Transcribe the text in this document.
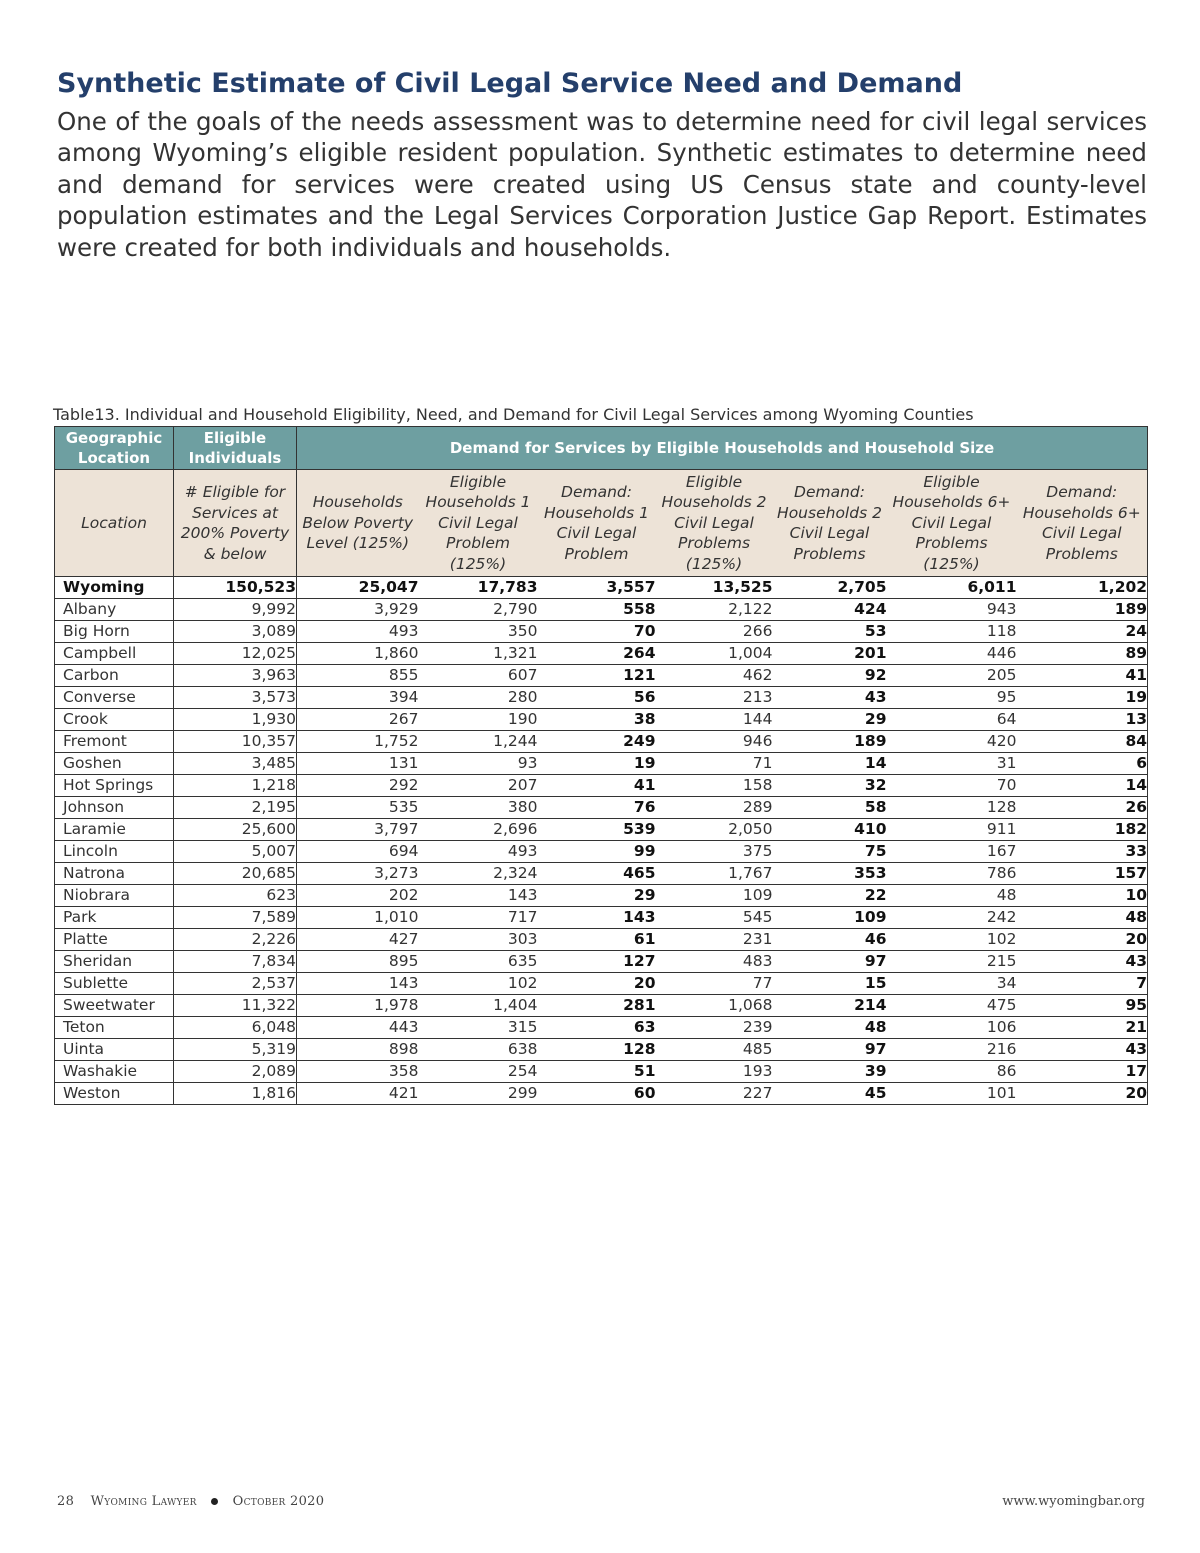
Synthetic Estimate of Civil Legal Service Need and Demand
One of the goals of the needs assessment was to determine need for civil legal services among Wyoming’s eligible resident population. Synthetic estimates to determine need and demand for services were created using US Census state and county-level population estimates and the Legal Services Corporation Justice Gap Report. Estimates were created for both individuals and households.
Table13. Individual and Household Eligibility, Need, and Demand for Civil Legal Services among Wyoming Counties
Geographic Location	Eligible Individuals	Demand for Services by Eligible Households and Household Size						
Location	# Eligible for Services at 200% Poverty & below	Households Below Poverty Level (125%)	Eligible Households 1 Civil Legal Problem (125%)	Demand: Households 1 Civil Legal Problem	Eligible Households 2 Civil Legal Problems (125%)	Demand: Households 2 Civil Legal Problems	Eligible Households 6+ Civil Legal Problems (125%)	Demand: Households 6+ Civil Legal Problems
Wyoming	150,523	25,047	17,783	3,557	13,525	2,705	6,011	1,202
Albany	9,992	3,929	2,790	558	2,122	424	943	189
Big Horn	3,089	493	350	70	266	53	118	24
Campbell	12,025	1,860	1,321	264	1,004	201	446	89
Carbon	3,963	855	607	121	462	92	205	41
Converse	3,573	394	280	56	213	43	95	19
Crook	1,930	267	190	38	144	29	64	13
Fremont	10,357	1,752	1,244	249	946	189	420	84
Goshen	3,485	131	93	19	71	14	31	6
Hot Springs	1,218	292	207	41	158	32	70	14
Johnson	2,195	535	380	76	289	58	128	26
Laramie	25,600	3,797	2,696	539	2,050	410	911	182
Lincoln	5,007	694	493	99	375	75	167	33
Natrona	20,685	3,273	2,324	465	1,767	353	786	157
Niobrara	623	202	143	29	109	22	48	10
Park	7,589	1,010	717	143	545	109	242	48
Platte	2,226	427	303	61	231	46	102	20
Sheridan	7,834	895	635	127	483	97	215	43
Sublette	2,537	143	102	20	77	15	34	7
Sweetwater	11,322	1,978	1,404	281	1,068	214	475	95
Teton	6,048	443	315	63	239	48	106	21
Uinta	5,319	898	638	128	485	97	216	43
Washakie	2,089	358	254	51	193	39	86	17
Weston	1,816	421	299	60	227	45	101	20
28 Wyoming Lawyer	October 2020	www.wyomingbar.org
